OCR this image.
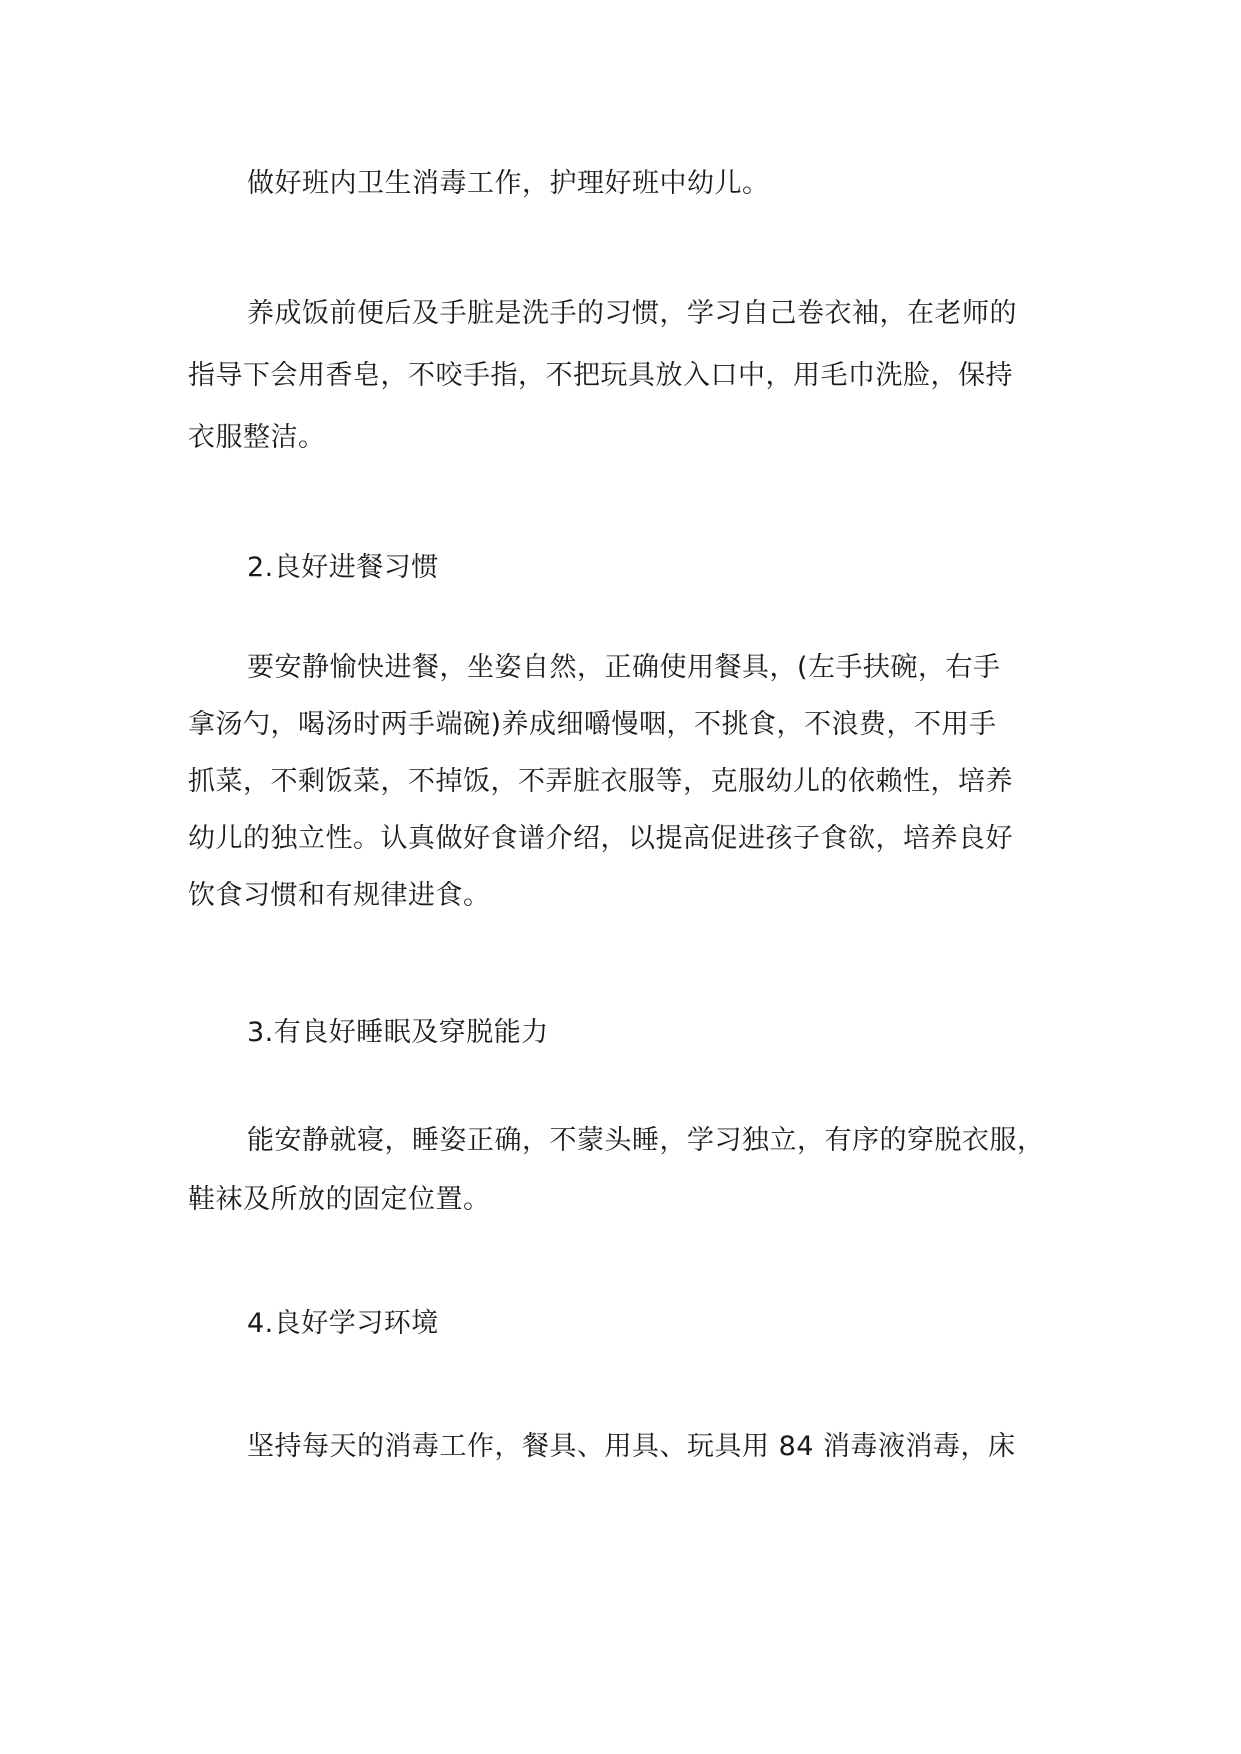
做好班内卫生消毒工作，护理好班中幼儿。
养成饭前便后及手脏是洗手的习惯，学习自己卷衣袖，在老师的
指导下会用香皂，不咬手指，不把玩具放入口中，用毛巾洗脸，保持
衣服整洁。
2.良好进餐习惯
要安静愉快进餐，坐姿自然，正确使用餐具，(左手扶碗，右手
拿汤勺，喝汤时两手端碗)养成细嚼慢咽，不挑食，不浪费，不用手
抓菜，不剩饭菜，不掉饭，不弄脏衣服等，克服幼儿的依赖性，培养
幼儿的独立性。认真做好食谱介绍，以提高促进孩子食欲，培养良好
饮食习惯和有规律进食。
3.有良好睡眠及穿脱能力
能安静就寝，睡姿正确，不蒙头睡，学习独立，有序的穿脱衣服，
鞋袜及所放的固定位置。
4.良好学习环境
坚持每天的消毒工作，餐具、用具、玩具用 84 消毒液消毒，床
